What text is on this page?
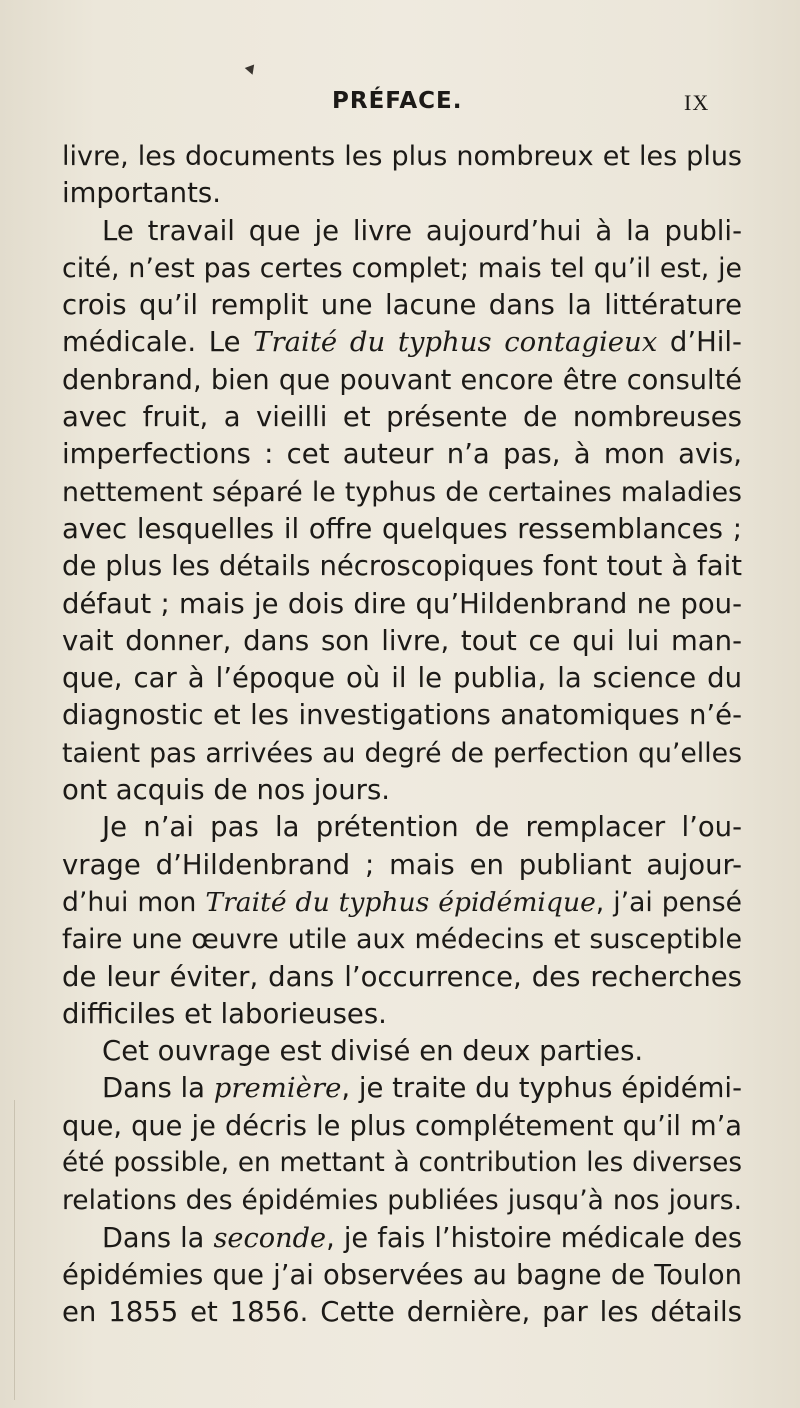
PRÉFACE.	IX
livre, les documents les plus nombreux et les plus
importants.
Le travail que je livre aujourd’hui à la publi-
cité, n’est pas certes complet; mais tel qu’il est, je
crois qu’il remplit une lacune dans la littérature
médicale. Le Traité du typhus contagieux d’Hil-
denbrand, bien que pouvant encore être consulté
avec fruit, a vieilli et présente de nombreuses
imperfections : cet auteur n’a pas, à mon avis,
nettement séparé le typhus de certaines maladies
avec lesquelles il offre quelques ressemblances ;
de plus les détails nécroscopiques font tout à fait
défaut ; mais je dois dire qu’Hildenbrand ne pou-
vait donner, dans son livre, tout ce qui lui man-
que, car à l’époque où il le publia, la science du
diagnostic et les investigations anatomiques n’é-
taient pas arrivées au degré de perfection qu’elles
ont acquis de nos jours.
Je n’ai pas la prétention de remplacer l’ou-
vrage d’Hildenbrand ; mais en publiant aujour-
d’hui mon Traité du typhus épidémique, j’ai pensé
faire une œuvre utile aux médecins et susceptible
de leur éviter, dans l’occurrence, des recherches
difficiles et laborieuses.
Cet ouvrage est divisé en deux parties.
Dans la première, je traite du typhus épidémi-
que, que je décris le plus complétement qu’il m’a
été possible, en mettant à contribution les diverses
relations des épidémies publiées jusqu’à nos jours.
Dans la seconde, je fais l’histoire médicale des
épidémies que j’ai observées au bagne de Toulon
en 1855 et 1856. Cette dernière, par les détails
